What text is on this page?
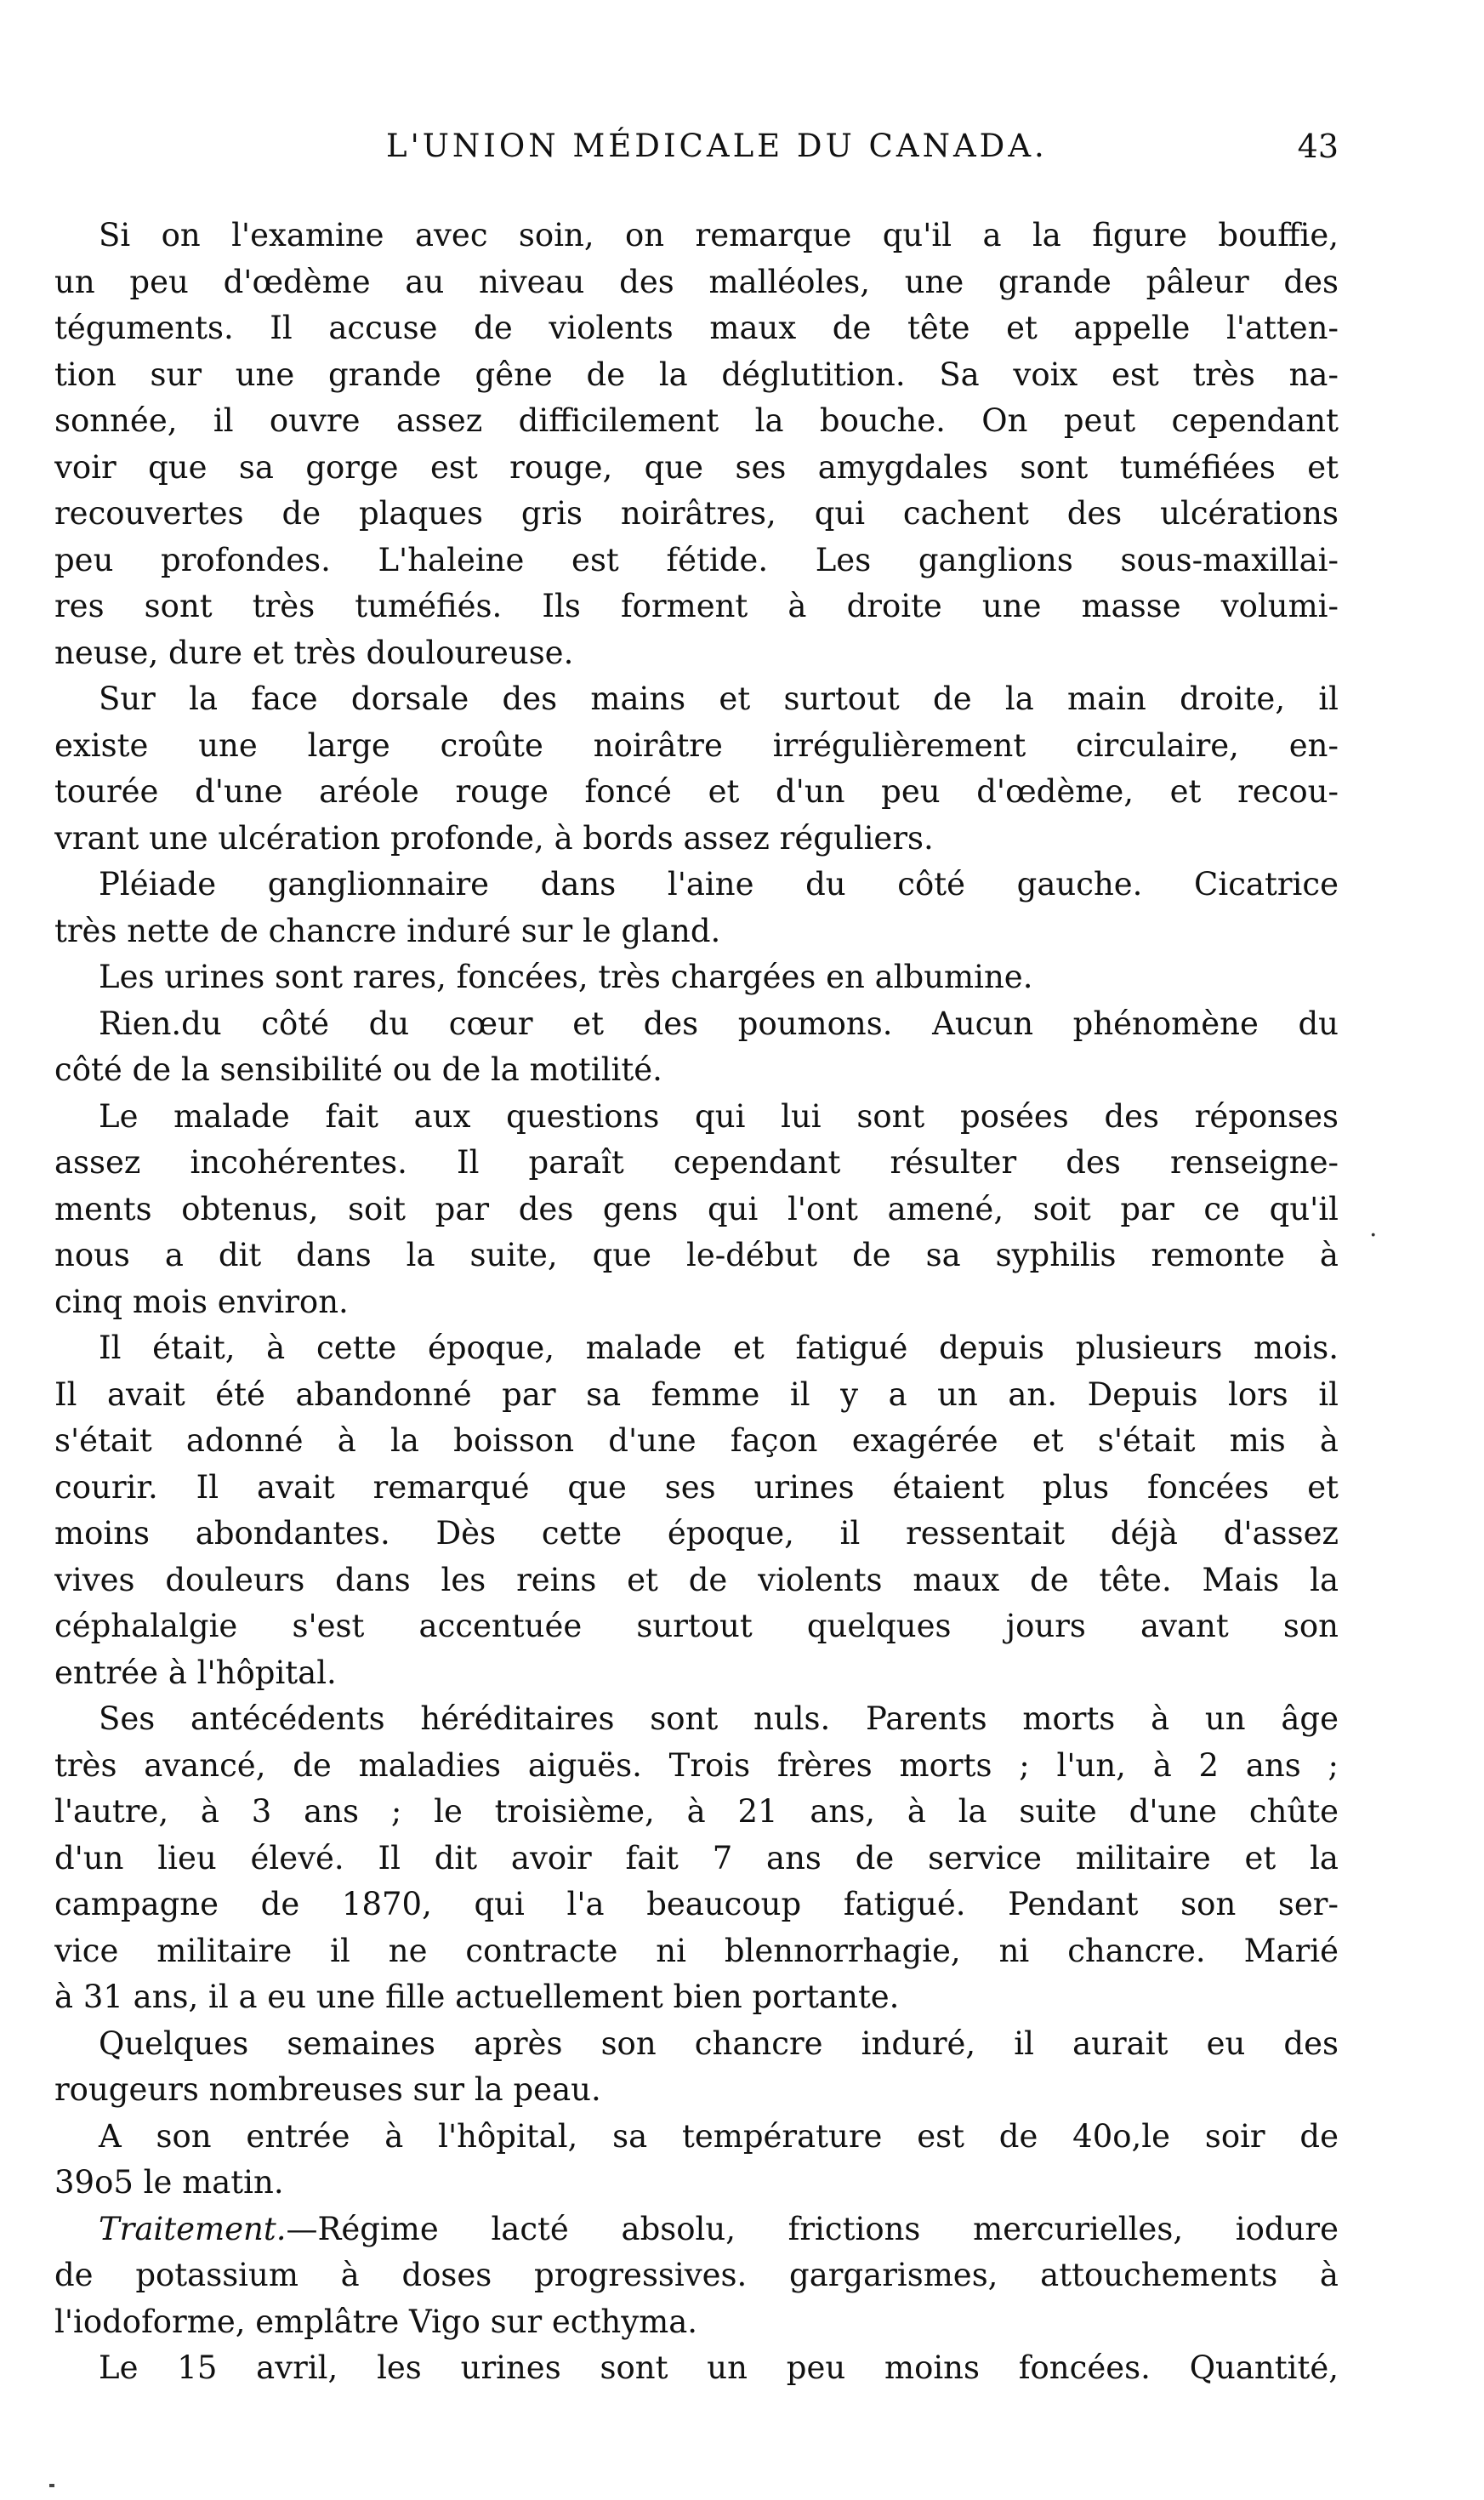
L'UNION MÉDICALE DU CANADA.	43
Si on l'examine avec soin, on remarque qu'il a la figure bouffie,
un peu d'œdème au niveau des malléoles, une grande pâleur des
téguments. Il accuse de violents maux de tête et appelle l'atten-
tion sur une grande gêne de la déglutition. Sa voix est très na-
sonnée, il ouvre assez difficilement la bouche. On peut cependant
voir que sa gorge est rouge, que ses amygdales sont tuméfiées et
recouvertes de plaques gris noirâtres, qui cachent des ulcérations
peu profondes. L'haleine est fétide. Les ganglions sous-maxillai-
res sont très tuméfiés. Ils forment à droite une masse volumi-
neuse, dure et très douloureuse.
Sur la face dorsale des mains et surtout de la main droite, il
existe une large croûte noirâtre irrégulièrement circulaire, en-
tourée d'une aréole rouge foncé et d'un peu d'œdème, et recou-
vrant une ulcération profonde, à bords assez réguliers.
Pléiade ganglionnaire dans l'aine du côté gauche. Cicatrice
très nette de chancre induré sur le gland.
Les urines sont rares, foncées, très chargées en albumine.
Rien.du côté du cœur et des poumons. Aucun phénomène du
côté de la sensibilité ou de la motilité.
Le malade fait aux questions qui lui sont posées des réponses
assez incohérentes. Il paraît cependant résulter des renseigne-
ments obtenus, soit par des gens qui l'ont amené, soit par ce qu'il
nous a dit dans la suite, que le-début de sa syphilis remonte à
cinq mois environ.
Il était, à cette époque, malade et fatigué depuis plusieurs mois.
Il avait été abandonné par sa femme il y a un an. Depuis lors il
s'était adonné à la boisson d'une façon exagérée et s'était mis à
courir. Il avait remarqué que ses urines étaient plus foncées et
moins abondantes. Dès cette époque, il ressentait déjà d'assez
vives douleurs dans les reins et de violents maux de tête. Mais la
céphalalgie s'est accentuée surtout quelques jours avant son
entrée à l'hôpital.
Ses antécédents héréditaires sont nuls. Parents morts à un âge
très avancé, de maladies aiguës. Trois frères morts ; l'un, à 2 ans ;
l'autre, à 3 ans ; le troisième, à 21 ans, à la suite d'une chûte
d'un lieu élevé. Il dit avoir fait 7 ans de service militaire et la
campagne de 1870, qui l'a beaucoup fatigué. Pendant son ser-
vice militaire il ne contracte ni blennorrhagie, ni chancre. Marié
à 31 ans, il a eu une fille actuellement bien portante.
Quelques semaines après son chancre induré, il aurait eu des
rougeurs nombreuses sur la peau.
A son entrée à l'hôpital, sa température est de 40o,le soir de
39o5 le matin.
Traitement.—Régime lacté absolu, frictions mercurielles, iodure
de potassium à doses progressives. gargarismes, attouchements à
l'iodoforme, emplâtre Vigo sur ecthyma.
Le 15 avril, les urines sont un peu moins foncées. Quantité,
·
